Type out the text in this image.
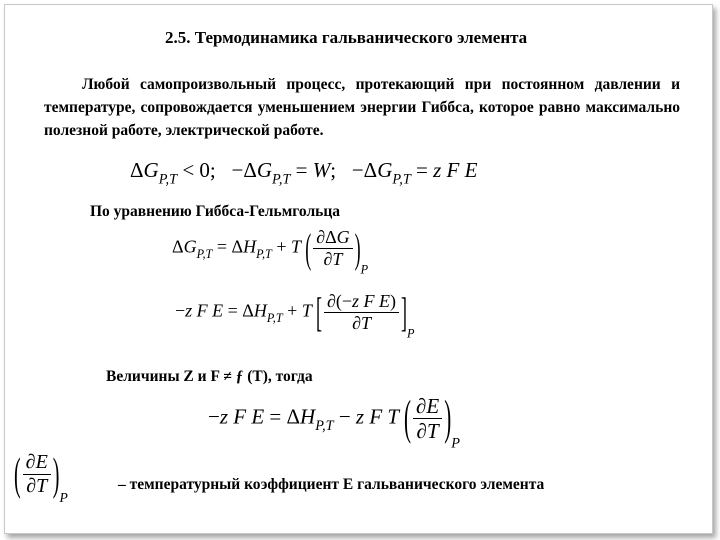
2.5. Термодинамика гальванического элемента

Любой самопроизвольный процесс, протекающий при постоянном давлении и температуре, сопровождается уменьшением энергии Гиббса, которое равно максимально полезной работе, электрической работе.

$\Delta G_{P,T} < 0$; $-\Delta G_{P,T} = W$; $-\Delta G_{P,T} = z$ F E
По уравнению Гиббса-Гельмгольца
$\Delta G_{P,T} = \Delta H_{P,T} + T$ ( $\frac{\partial\Delta G}{\partial T} )_P$
−z F $E = \Delta H_{P,T} + T$ [ $\frac{\text{∂(−z F E)}}{\partial T} ]_P$
Величины Z и F ≠ ƒ (T), тогда
−z F $E = \Delta H_{P,T} - z$ F T ( $\frac{\partial E}{\partial T} )_P$
( $\frac{\partial E}{\partial T} )_P$
– температурный коэффициент Е гальванического элемента
